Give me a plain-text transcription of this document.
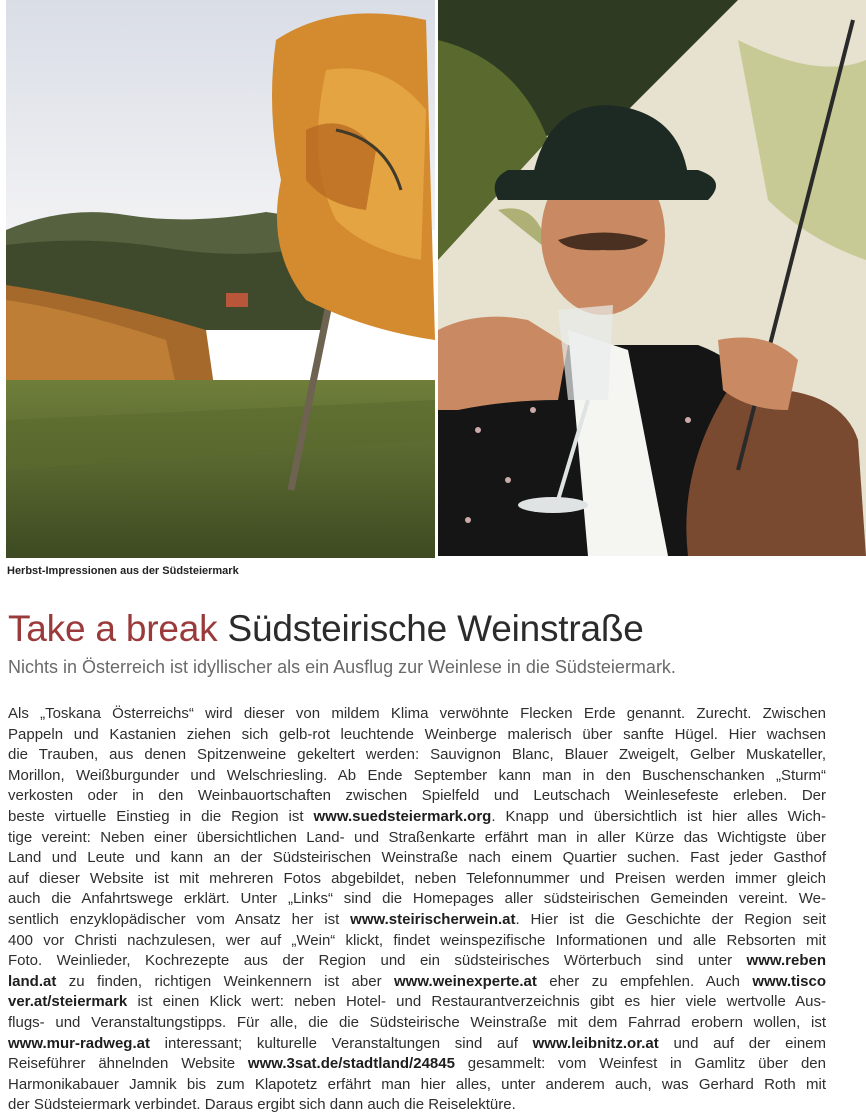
Herbst-Impressionen aus der Südsteiermark
Take a break Südsteirische Weinstraße
Nichts in Österreich ist idyllischer als ein Ausflug zur Weinlese in die Südsteiermark.
Als „Toskana Österreichs“ wird dieser von mildem Klima verwöhnte Flecken Erde genannt. Zurecht. Zwischen
Pappeln und Kastanien ziehen sich gelb-rot leuchtende Weinberge malerisch über sanfte Hügel. Hier wachsen
die Trauben, aus denen Spitzenweine gekeltert werden: Sauvignon Blanc, Blauer Zweigelt, Gelber Muskateller,
Morillon, Weißburgunder und Welschriesling. Ab Ende September kann man in den Buschenschanken „Sturm“
verkosten oder in den Weinbauortschaften zwischen Spielfeld und Leutschach Weinlesefeste erleben. Der
beste virtuelle Einstieg in die Region ist www.suedsteiermark.org. Knapp und übersichtlich ist hier alles Wich-
tige vereint: Neben einer übersichtlichen Land- und Straßenkarte erfährt man in aller Kürze das Wichtigste über
Land und Leute und kann an der Südsteirischen Weinstraße nach einem Quartier suchen. Fast jeder Gasthof
auf dieser Website ist mit mehreren Fotos abgebildet, neben Telefonnummer und Preisen werden immer gleich
auch die Anfahrtswege erklärt. Unter „Links“ sind die Homepages aller südsteirischen Gemeinden vereint. We-
sentlich enzyklopädischer vom Ansatz her ist www.steirischerwein.at. Hier ist die Geschichte der Region seit
400 vor Christi nachzulesen, wer auf „Wein“ klickt, findet weinspezifische Informationen und alle Rebsorten mit
Foto. Weinlieder, Kochrezepte aus der Region und ein südsteirisches Wörterbuch sind unter www.reben
land.at zu finden, richtigen Weinkennern ist aber www.weinexperte.at eher zu empfehlen. Auch www.tisco
ver.at/steiermark ist einen Klick wert: neben Hotel- und Restaurantverzeichnis gibt es hier viele wertvolle Aus-
flugs- und Veranstaltungstipps. Für alle, die die Südsteirische Weinstraße mit dem Fahrrad erobern wollen, ist
www.mur-radweg.at interessant; kulturelle Veranstaltungen sind auf www.leibnitz.or.at und auf der einem
Reiseführer ähnelnden Website www.3sat.de/stadtland/24845 gesammelt: vom Weinfest in Gamlitz über den
Harmonikabauer Jamnik bis zum Klapotetz erfährt man hier alles, unter anderem auch, was Gerhard Roth mit
der Südsteiermark verbindet. Daraus ergibt sich dann auch die Reiselektüre.
